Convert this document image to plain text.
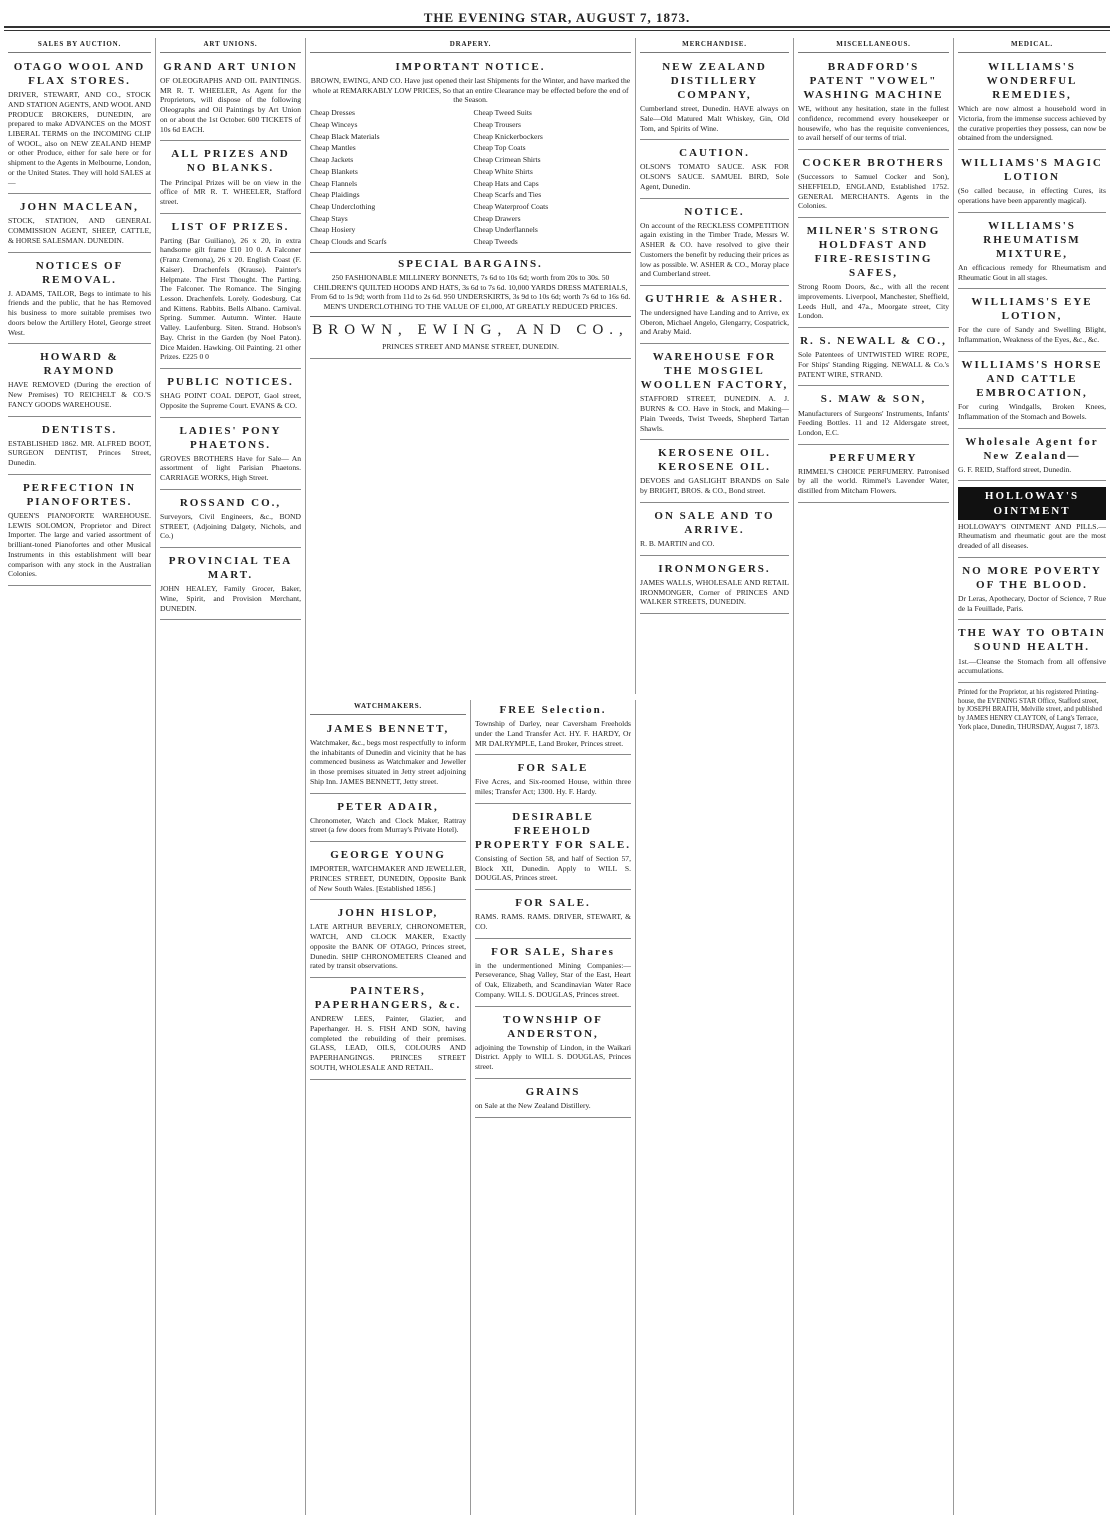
THE EVENING STAR, AUGUST 7, 1873.
SALES BY AUCTION.
OTAGO WOOL AND FLAX STORES.

DRIVER, STEWART, AND CO., STOCK AND STATION AGENTS, AND WOOL AND PRODUCE BROKERS, DUNEDIN, are prepared to make ADVANCES on the MOST LIBERAL TERMS on the INCOMING CLIP of WOOL, also on NEW ZEALAND HEMP or other Produce, either for sale here or for shipment to the Agents in Melbourne, London, or the United States. They will hold SALES at—

JOHN MACLEAN,

STOCK, STATION, AND GENERAL COMMISSION AGENT, SHEEP, CATTLE, & HORSE SALESMAN. DUNEDIN.

NOTICES OF REMOVAL.

J. ADAMS, TAILOR, Begs to intimate to his friends and the public, that he has Removed his business to more suitable premises two doors below the Artillery Hotel, George street West.

HOWARD & RAYMOND

HAVE REMOVED (During the erection of New Premises) TO REICHELT & CO.'S FANCY GOODS WAREHOUSE.

DENTISTS.

ESTABLISHED 1862. MR. ALFRED BOOT, SURGEON DENTIST, Princes Street, Dunedin.

PERFECTION IN PIANOFORTES.

QUEEN'S PIANOFORTE WAREHOUSE. LEWIS SOLOMON, Proprietor and Direct Importer. The large and varied assortment of brilliant-toned Pianofortes and other Musical Instruments in this establishment will bear comparison with any stock in the Australian Colonies.

ART UNIONS.
GRAND ART UNION

OF OLEOGRAPHS AND OIL PAINTINGS. MR R. T. WHEELER, As Agent for the Proprietors, will dispose of the following Oleographs and Oil Paintings by Art Union on or about the 1st October. 600 TICKETS of 10s 6d EACH.

ALL PRIZES AND NO BLANKS.

The Principal Prizes will be on view in the office of MR R. T. WHEELER, Stafford street.

LIST OF PRIZES.

Parting (Bar Guiliano), 26 x 20, in extra handsome gilt frame £10 10 0. A Falconer (Franz Cremona), 26 x 20. English Coast (F. Kaiser). Drachenfels (Krause). Painter's Helpmate. The First Thought. The Parting. The Falconer. The Romance. The Singing Lesson. Drachenfels. Lorely. Godesburg. Cat and Kittens. Rabbits. Bells Albano. Carnival. Spring. Summer. Autumn. Winter. Haute Valley. Laufenburg. Siten. Strand. Hobson's Bay. Christ in the Garden (by Noel Paton). Dice Maiden. Hawking. Oil Painting. 21 other Prizes. £225 0 0

PUBLIC NOTICES.

SHAG POINT COAL DEPOT, Gaol street, Opposite the Supreme Court. EVANS & CO.

LADIES' PONY PHAETONS.

GROVES BROTHERS Have for Sale— An assortment of light Parisian Phaetons. CARRIAGE WORKS, High Street.

ROSSAND CO.,

Surveyors, Civil Engineers, &c., BOND STREET, (Adjoining Dalgety, Nichols, and Co.)

PROVINCIAL TEA MART.

JOHN HEALEY, Family Grocer, Baker, Wine, Spirit, and Provision Merchant, DUNEDIN.

DRAPERY.
IMPORTANT NOTICE.

BROWN, EWING, AND CO. Have just opened their last Shipments for the Winter, and have marked the whole at REMARKABLY LOW PRICES, So that an entire Clearance may be effected before the end of the Season.

Cheap Dresses
Cheap Winceys
Cheap Black Materials
Cheap Mantles
Cheap Jackets
Cheap Blankets
Cheap Flannels
Cheap Plaidings
Cheap Underclothing
Cheap Stays
Cheap Hosiery
Cheap Clouds and Scarfs
Cheap Tweed Suits
Cheap Trousers
Cheap Knickerbockers
Cheap Top Coats
Cheap Crimean Shirts
Cheap White Shirts
Cheap Hats and Caps
Cheap Scarfs and Ties
Cheap Waterproof Coats
Cheap Drawers
Cheap Underflannels
Cheap Tweeds
SPECIAL BARGAINS.

250 FASHIONABLE MILLINERY BONNETS, 7s 6d to 10s 6d; worth from 20s to 30s. 50 CHILDREN'S QUILTED HOODS AND HATS, 3s 6d to 7s 6d. 10,000 YARDS DRESS MATERIALS, From 6d to 1s 9d; worth from 11d to 2s 6d. 950 UNDERSKIRTS, 3s 9d to 10s 6d; worth 7s 6d to 16s 6d. MEN'S UNDERCLOTHING TO THE VALUE OF £1,000, AT GREATLY REDUCED PRICES.

BROWN, EWING, AND CO.,

PRINCES STREET AND MANSE STREET, DUNEDIN.

WATCHMAKERS.
JAMES BENNETT,

Watchmaker, &c., begs most respectfully to inform the inhabitants of Dunedin and vicinity that he has commenced business as Watchmaker and Jeweller in those premises situated in Jetty street adjoining Ship Inn. JAMES BENNETT, Jetty street.

PETER ADAIR,

Chronometer, Watch and Clock Maker, Rattray street (a few doors from Murray's Private Hotel).

GEORGE YOUNG

IMPORTER, WATCHMAKER AND JEWELLER, PRINCES STREET, DUNEDIN, Opposite Bank of New South Wales. [Established 1856.]

JOHN HISLOP,

LATE ARTHUR BEVERLY, CHRONOMETER, WATCH, AND CLOCK MAKER, Exactly opposite the BANK OF OTAGO, Princes street, Dunedin. SHIP CHRONOMETERS Cleaned and rated by transit observations.

PAINTERS, PAPERHANGERS, &c.

ANDREW LEES, Painter, Glazier, and Paperhanger. H. S. FISH AND SON, having completed the rebuilding of their premises. GLASS, LEAD, OILS, COLOURS AND PAPERHANGINGS. PRINCES STREET SOUTH, WHOLESALE AND RETAIL.

FREE Selection.

Township of Darley, near Caversham Freeholds under the Land Transfer Act. HY. F. HARDY, Or MR DALRYMPLE, Land Broker, Princes street.

FOR SALE

Five Acres, and Six-roomed House, within three miles; Transfer Act; 1300. Hy. F. Hardy.

DESIRABLE FREEHOLD PROPERTY FOR SALE.

Consisting of Section 58, and half of Section 57, Block XII, Dunedin. Apply to WILL S. DOUGLAS, Princes street.

FOR SALE.

RAMS. RAMS. RAMS. DRIVER, STEWART, & CO.

FOR SALE, Shares

in the undermentioned Mining Companies:— Perseverance, Shag Valley, Star of the East, Heart of Oak, Elizabeth, and Scandinavian Water Race Company. WILL S. DOUGLAS, Princes street.

TOWNSHIP OF ANDERSTON,

adjoining the Township of Lindon, in the Waikari District. Apply to WILL S. DOUGLAS, Princes street.

GRAINS

on Sale at the New Zealand Distillery.

MERCHANDISE.
NEW ZEALAND DISTILLERY COMPANY,

Cumberland street, Dunedin. HAVE always on Sale—Old Matured Malt Whiskey, Gin, Old Tom, and Spirits of Wine.

CAUTION.

OLSON'S TOMATO SAUCE. ASK FOR OLSON'S SAUCE. SAMUEL BIRD, Sole Agent, Dunedin.

NOTICE.

On account of the RECKLESS COMPETITION again existing in the Timber Trade, Messrs W. ASHER & CO. have resolved to give their Customers the benefit by reducing their prices as low as possible. W. ASHER & CO., Moray place and Cumberland street.

GUTHRIE & ASHER.

The undersigned have Landing and to Arrive, ex Oberon, Michael Angelo, Glengarry, Cospatrick, and Araby Maid.

WAREHOUSE FOR THE MOSGIEL WOOLLEN FACTORY,

STAFFORD STREET, DUNEDIN. A. J. BURNS & CO. Have in Stock, and Making— Plain Tweeds, Twist Tweeds, Shepherd Tartan Shawls.

KEROSENE OIL. KEROSENE OIL.

DEVOES and GASLIGHT BRANDS on Sale by BRIGHT, BROS. & CO., Bond street.

ON SALE AND TO ARRIVE.

R. B. MARTIN and CO.

IRONMONGERS.

JAMES WALLS, WHOLESALE AND RETAIL IRONMONGER, Corner of PRINCES AND WALKER STREETS, DUNEDIN.

MISCELLANEOUS.
BRADFORD'S PATENT "VOWEL" WASHING MACHINE

WE, without any hesitation, state in the fullest confidence, recommend every housekeeper or housewife, who has the requisite conveniences, to avail herself of our terms of trial.

COCKER BROTHERS

(Successors to Samuel Cocker and Son), SHEFFIELD, ENGLAND, Established 1752. GENERAL MERCHANTS. Agents in the Colonies.

MILNER'S STRONG HOLDFAST AND FIRE-RESISTING SAFES,

Strong Room Doors, &c., with all the recent improvements. Liverpool, Manchester, Sheffield, Leeds Hull, and 47a., Moorgate street, City London.

R. S. NEWALL & CO.,

Sole Patentees of UNTWISTED WIRE ROPE, For Ships' Standing Rigging. NEWALL & Co.'s PATENT WIRE, STRAND.

S. MAW & SON,

Manufacturers of Surgeons' Instruments, Infants' Feeding Bottles. 11 and 12 Aldersgate street, London, E.C.

PERFUMERY

RIMMEL'S CHOICE PERFUMERY. Patronised by all the world. Rimmel's Lavender Water, distilled from Mitcham Flowers.

MEDICAL.
WILLIAMS'S WONDERFUL REMEDIES,

Which are now almost a household word in Victoria, from the immense success achieved by the curative properties they possess, can now be obtained from the undersigned.

WILLIAMS'S MAGIC LOTION

(So called because, in effecting Cures, its operations have been apparently magical).

WILLIAMS'S RHEUMATISM MIXTURE,

An efficacious remedy for Rheumatism and Rheumatic Gout in all stages.

WILLIAMS'S EYE LOTION,

For the cure of Sandy and Swelling Blight, Inflammation, Weakness of the Eyes, &c., &c.

WILLIAMS'S HORSE AND CATTLE EMBROCATION,

For curing Windgalls, Broken Knees, Inflammation of the Stomach and Bowels.

Wholesale Agent for New Zealand—

G. F. REID, Stafford street, Dunedin.

HOLLOWAY'S OINTMENT

HOLLOWAY'S OINTMENT AND PILLS.—Rheumatism and rheumatic gout are the most dreaded of all diseases.

NO MORE POVERTY OF THE BLOOD.

Dr Leras, Apothecary, Doctor of Science, 7 Rue de la Feuillade, Paris.

THE WAY TO OBTAIN SOUND HEALTH.

1st.—Cleanse the Stomach from all offensive accumulations.

Printed for the Proprietor, at his registered Printing-house, the EVENING STAR Office, Stafford street, by JOSEPH BRAITH, Melville street, and published by JAMES HENRY CLAYTON, of Lang's Terrace, York place, Dunedin, THURSDAY, August 7, 1873.
